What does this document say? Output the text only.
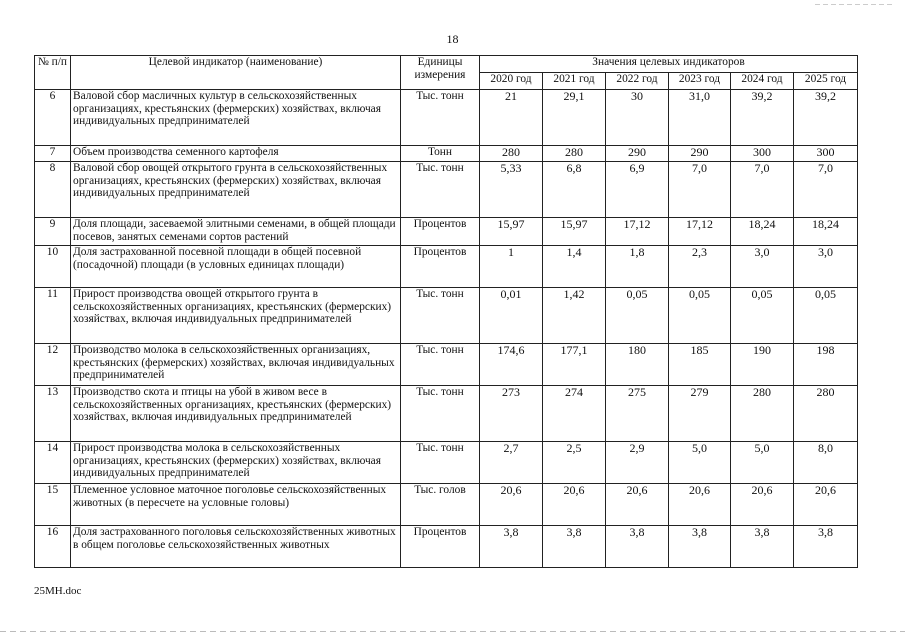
18
№ п/п	Целевой индикатор (наименование)	Единицы измерения	Значения целевых индикаторов					
			2020 год	2021 год	2022 год	2023 год	2024 год	2025 год
6	Валовой сбор масличных культур в сельскохозяйственных организациях, крестьянских (фермерских) хозяйствах, включая индивидуальных предпринимателей	Тыс. тонн	21	29,1	30	31,0	39,2	39,2
7	Объем производства семенного картофеля	Тонн	280	280	290	290	300	300
8	Валовой сбор овощей открытого грунта в сельскохозяйственных организациях, крестьянских (фермерских) хозяйствах, включая индивидуальных предпринимателей	Тыс. тонн	5,33	6,8	6,9	7,0	7,0	7,0
9	Доля площади, засеваемой элитными семенами, в общей площади посевов, занятых семенами сортов растений	Процентов	15,97	15,97	17,12	17,12	18,24	18,24
10	Доля застрахованной посевной площади в общей посевной (посадочной) площади (в условных единицах площади)	Процентов	1	1,4	1,8	2,3	3,0	3,0
11	Прирост производства овощей открытого грунта в сельскохозяйственных организациях, крестьянских (фермерских) хозяйствах, включая индивидуальных предпринимателей	Тыс. тонн	0,01	1,42	0,05	0,05	0,05	0,05
12	Производство молока в сельскохозяйственных организациях, крестьянских (фермерских) хозяйствах, включая индивидуальных предпринимателей	Тыс. тонн	174,6	177,1	180	185	190	198
13	Производство скота и птицы на убой в живом весе в сельскохозяйственных организациях, крестьянских (фермерских) хозяйствах, включая индивидуальных предпринимателей	Тыс. тонн	273	274	275	279	280	280
14	Прирост производства молока в сельскохозяйственных организациях, крестьянских (фермерских) хозяйствах, включая индивидуальных предпринимателей	Тыс. тонн	2,7	2,5	2,9	5,0	5,0	8,0
15	Племенное условное маточное поголовье сельскохозяйственных животных (в пересчете на условные головы)	Тыс. голов	20,6	20,6	20,6	20,6	20,6	20,6
16	Доля застрахованного поголовья сельскохозяйственных животных в общем поголовье сельскохозяйственных животных	Процентов	3,8	3,8	3,8	3,8	3,8	3,8
25МН.doc
